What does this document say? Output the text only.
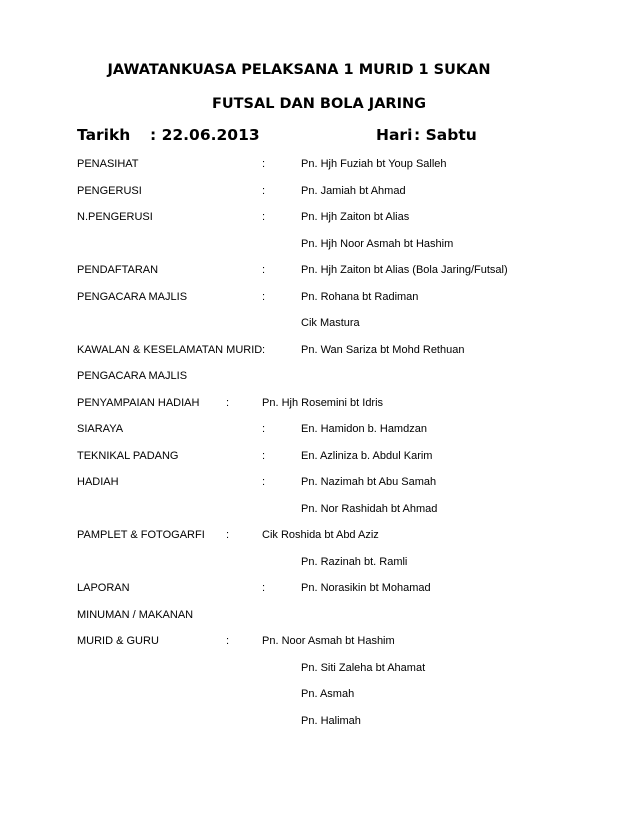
JAWATANKUASA PELAKSANA 1 MURID 1 SUKAN
FUTSAL DAN BOLA JARING
Tarikh : 22.06.2013	Hari : Sabtu
PENASIHAT	:	Pn. Hjh Fuziah bt Youp Salleh
PENGERUSI	:	Pn. Jamiah bt Ahmad
N.PENGERUSI	:	Pn. Hjh Zaiton bt Alias
Pn. Hjh Noor Asmah bt Hashim
PENDAFTARAN	:	Pn. Hjh Zaiton bt Alias (Bola Jaring/Futsal)
PENGACARA MAJLIS	:	Pn. Rohana bt Radiman
Cik Mastura
KAWALAN & KESELAMATAN MURID :	Pn. Wan Sariza bt Mohd Rethuan
PENGACARA MAJLIS
PENYAMPAIAN HADIAH :	Pn. Hjh Rosemini bt Idris
SIARAYA	:	En. Hamidon b. Hamdzan
TEKNIKAL PADANG	:	En. Azliniza b. Abdul Karim
HADIAH	:	Pn. Nazimah bt Abu Samah
Pn. Nor Rashidah bt Ahmad
PAMPLET & FOTOGARFI :	Cik Roshida bt Abd Aziz
Pn. Razinah bt. Ramli
LAPORAN	:	Pn. Norasikin bt Mohamad
MINUMAN / MAKANAN
MURID & GURU	:	Pn. Noor Asmah bt Hashim
Pn. Siti Zaleha bt Ahamat
Pn. Asmah
Pn. Halimah
